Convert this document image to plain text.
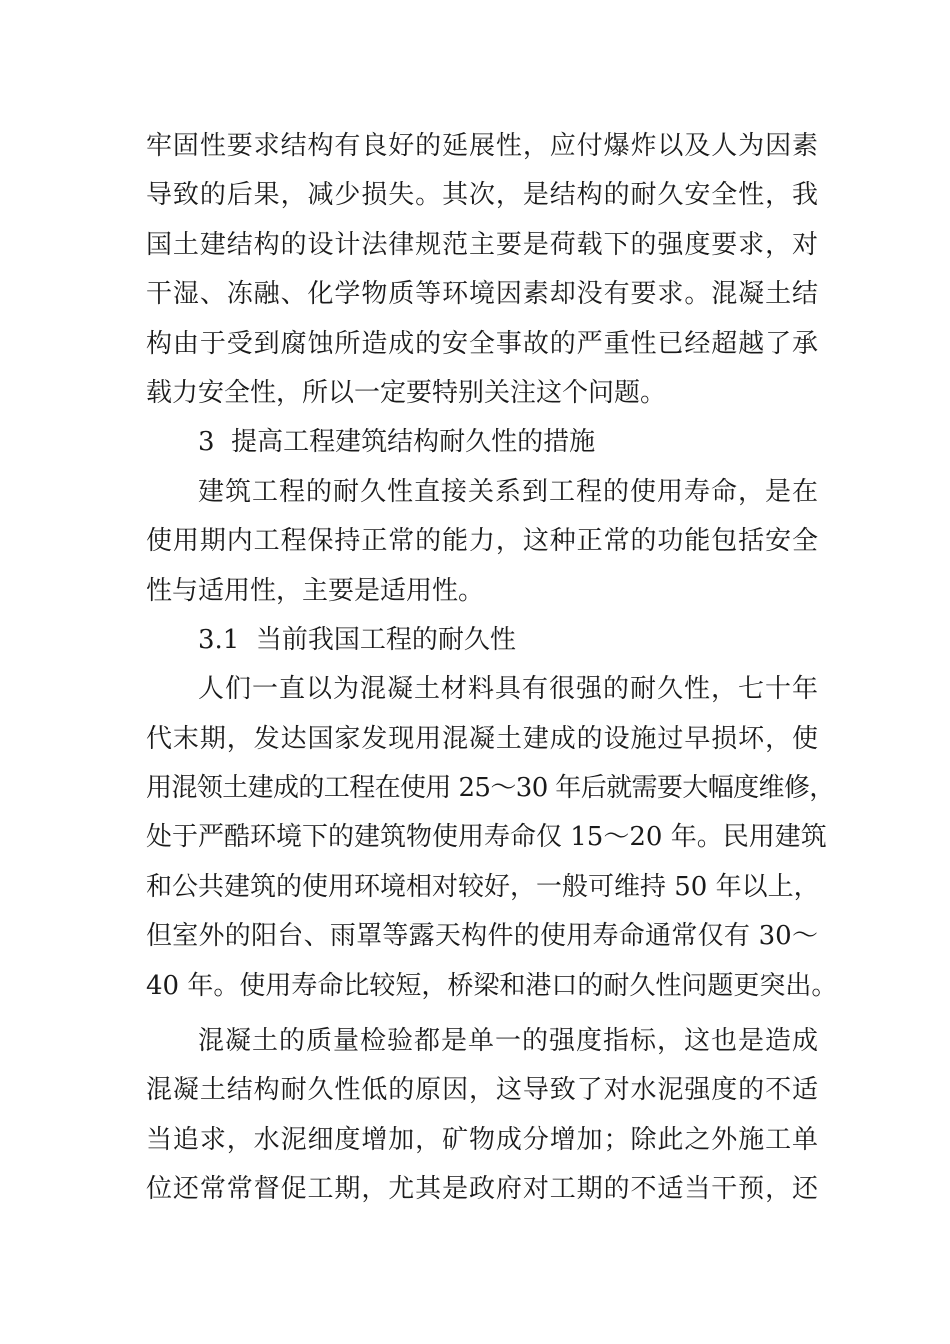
牢固性要求结构有良好的延展性，应付爆炸以及人为因素

导致的后果，减少损失。其次，是结构的耐久安全性，我

国土建结构的设计法律规范主要是荷载下的强度要求，对

干湿、冻融、化学物质等环境因素却没有要求。混凝土结

构由于受到腐蚀所造成的安全事故的严重性已经超越了承

载力安全性，所以一定要特别关注这个问题。

3  提高工程建筑结构耐久性的措施

建筑工程的耐久性直接关系到工程的使用寿命，是在

使用期内工程保持正常的能力，这种正常的功能包括安全

性与适用性，主要是适用性。

3.1  当前我国工程的耐久性

人们一直以为混凝土材料具有很强的耐久性，七十年

代末期，发达国家发现用混凝土建成的设施过早损坏，使

用混领土建成的工程在使用 25～30 年后就需要大幅度维修，

处于严酷环境下的建筑物使用寿命仅 15～20 年。民用建筑

和公共建筑的使用环境相对较好，一般可维持 50 年以上，

但室外的阳台、雨罩等露天构件的使用寿命通常仅有 30～

40 年。使用寿命比较短，桥梁和港口的耐久性问题更突出。

混凝土的质量检验都是单一的强度指标，这也是造成

混凝土结构耐久性低的原因，这导致了对水泥强度的不适

当追求，水泥细度增加，矿物成分增加；除此之外施工单

位还常常督促工期，尤其是政府对工期的不适当干预，还
